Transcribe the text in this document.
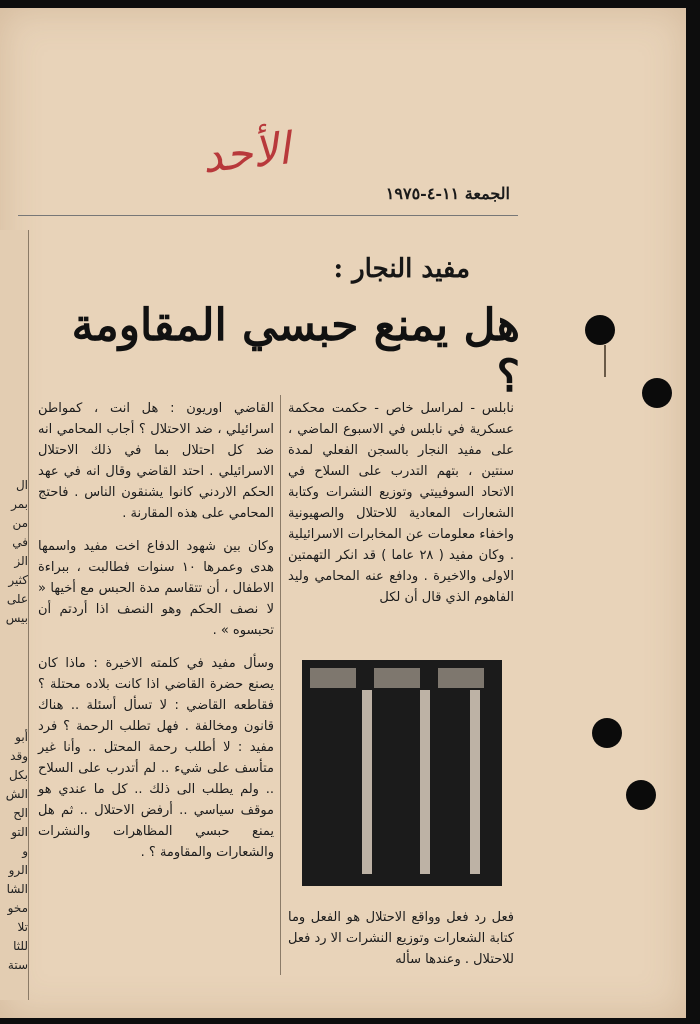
ال
بمر
من
في
الز
كثير
على
بيس
أبو
وقد
بكل
الش
الح
التو
و
الرو
الشا
مخو
تلا
للثا
ستة
الأحد
الجمعة ١١-٤-١٩٧٥
مفيد النجار :
هل يمنع حبسي المقاومة ؟
نابلس - لمراسل خاص - حكمت محكمة عسكرية في نابلس في الاسبوع الماضي ، على مفيد النجار بالسجن الفعلي لمدة سنتين ، بتهم التدرب على السلاح في الاتحاد السوفييتي وتوزيع النشرات وكتابة الشعارات المعادية للاحتلال والصهيونية واخفاء معلومات عن المخابرات الاسرائيلية . وكان مفيد ( ٢٨ عاما ) قد انكر التهمتين الاولى والاخيرة . ودافع عنه المحامي وليد الفاهوم الذي قال أن لكل
فعل رد فعل وواقع الاحتلال هو الفعل وما كتابة الشعارات وتوزيع النشرات الا رد فعل للاحتلال . وعندها سأله

القاضي اوريون : هل انت ، كمواطن اسرائيلي ، ضد الاحتلال ؟ أجاب المحامي انه ضد كل احتلال بما في ذلك الاحتلال الاسرائيلي . احتد القاضي وقال انه في عهد الحكم الاردني كانوا يشنقون الناس . فاحتج المحامي على هذه المقارنة .

وكان بين شهود الدفاع اخت مفيد واسمها هدى وعمرها ١٠ سنوات فطالبت ، ببراءة الاطفال ، أن تتقاسم مدة الحبس مع أخيها « لا نصف الحكم وهو النصف اذا أردتم أن تحبسوه » .

وسأل مفيد في كلمته الاخيرة : ماذا كان يصنع حضرة القاضي اذا كانت بلاده محتلة ؟ فقاطعه القاضي : لا تسأل أسئلة .. هناك قانون ومخالفة . فهل تطلب الرحمة ؟ فرد مفيد : لا أطلب رحمة المحتل .. وأنا غير متأسف على شيء .. لم أتدرب على السلاح .. ولم يطلب الى ذلك .. كل ما عندي هو موقف سياسي .. أرفض الاحتلال .. ثم هل يمنع حبسي المظاهرات والنشرات والشعارات والمقاومة ؟ .
